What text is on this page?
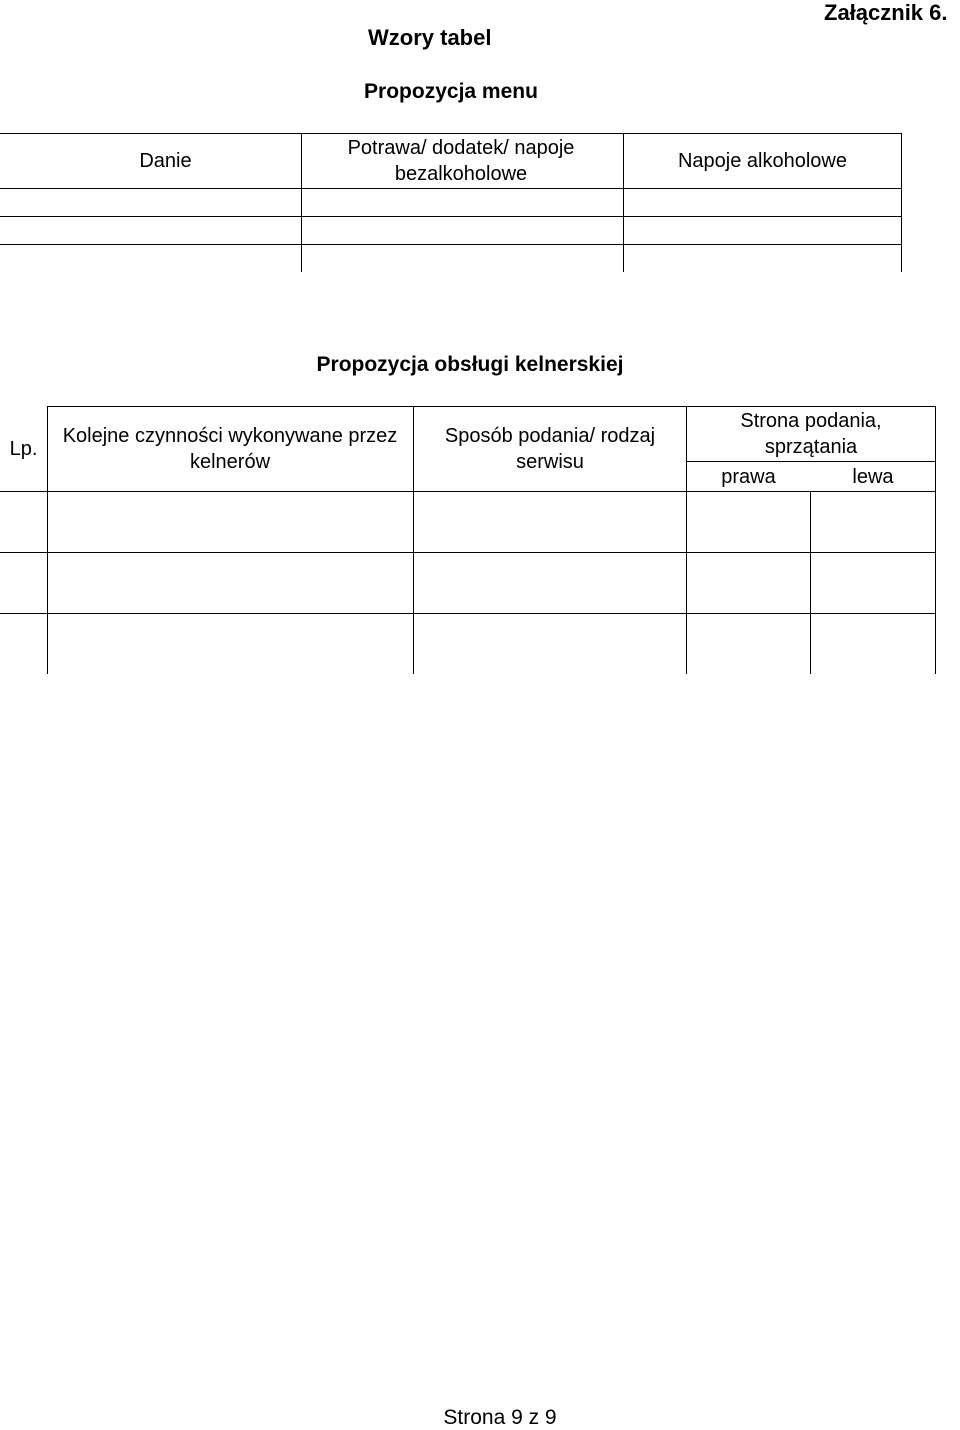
Wzory tabel
Załącznik 6.
Propozycja menu
Danie
Potrawa/ dodatek/ napoje bezalkoholowe
Napoje alkoholowe
Propozycja obsługi kelnerskiej
Lp.
Kolejne czynności wykonywane przez kelnerów
Sposób podania/ rodzaj serwisu
Strona podania, sprzątania
prawa	lewa
Strona 9 z 9
